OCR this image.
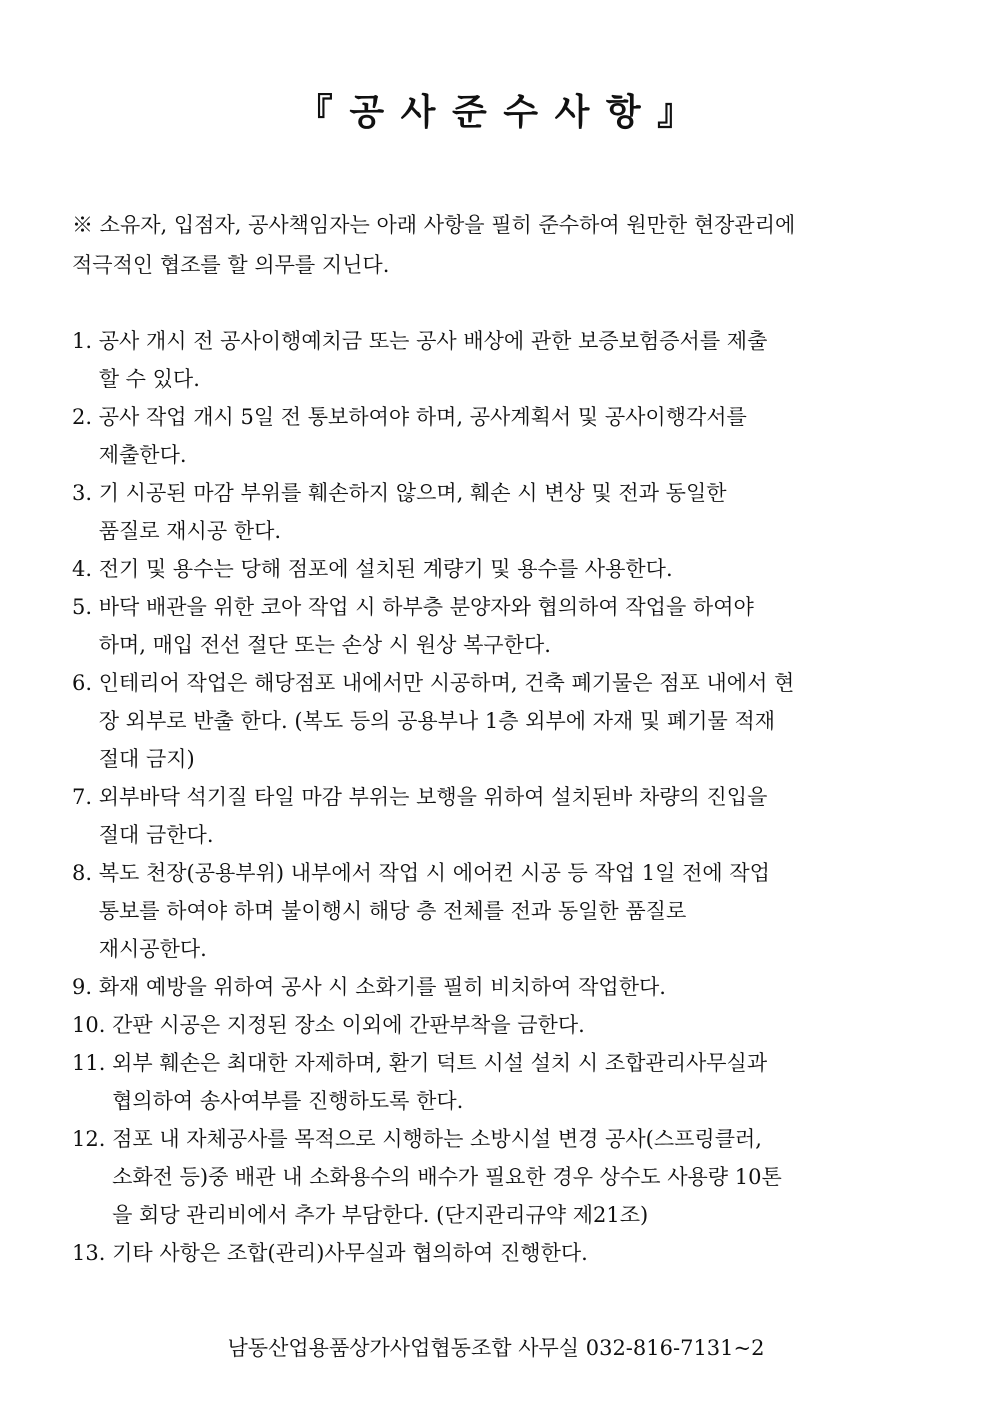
『 공 사 준 수 사 항 』
※ 소유자, 입점자, 공사책임자는 아래 사항을 필히 준수하여 원만한 현장관리에
적극적인 협조를 할 의무를 지닌다.
1. 공사 개시 전 공사이행예치금 또는 공사 배상에 관한 보증보험증서를 제출
할 수 있다.
2. 공사 작업 개시 5일 전 통보하여야 하며, 공사계획서 및 공사이행각서를
제출한다.
3. 기 시공된 마감 부위를 훼손하지 않으며, 훼손 시 변상 및 전과 동일한
품질로 재시공 한다.
4. 전기 및 용수는 당해 점포에 설치된 계량기 및 용수를 사용한다.
5. 바닥 배관을 위한 코아 작업 시 하부층 분양자와 협의하여 작업을 하여야
하며, 매입 전선 절단 또는 손상 시 원상 복구한다.
6. 인테리어 작업은 해당점포 내에서만 시공하며, 건축 폐기물은 점포 내에서 현
장 외부로 반출 한다. (복도 등의 공용부나 1층 외부에 자재 및 폐기물 적재
절대 금지)
7. 외부바닥 석기질 타일 마감 부위는 보행을 위하여 설치된바 차량의 진입을
절대 금한다.
8. 복도 천장(공용부위) 내부에서 작업 시 에어컨 시공 등 작업 1일 전에 작업
통보를 하여야 하며 불이행시 해당 층 전체를 전과 동일한 품질로
재시공한다.
9. 화재 예방을 위하여 공사 시 소화기를 필히 비치하여 작업한다.
10. 간판 시공은 지정된 장소 이외에 간판부착을 금한다.
11. 외부 훼손은 최대한 자제하며, 환기 덕트 시설 설치 시 조합관리사무실과
협의하여 송사여부를 진행하도록 한다.
12. 점포 내 자체공사를 목적으로 시행하는 소방시설 변경 공사(스프링클러,
소화전 등)중 배관 내 소화용수의 배수가 필요한 경우 상수도 사용량 10톤
을 회당 관리비에서 추가 부담한다. (단지관리규약 제21조)
13. 기타 사항은 조합(관리)사무실과 협의하여 진행한다.
남동산업용품상가사업협동조합 사무실 032-816-7131~2
